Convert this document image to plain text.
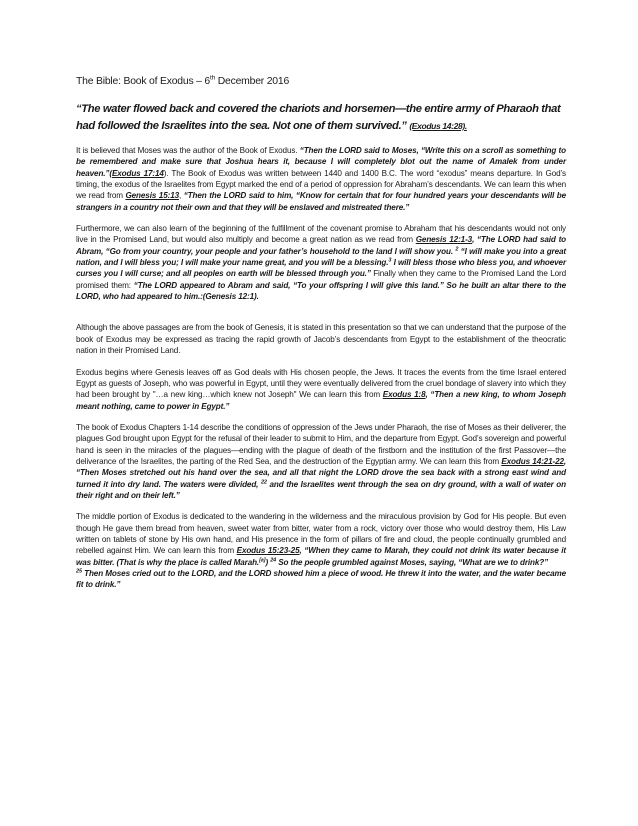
The Bible: Book of Exodus – 6th December 2016
“The water flowed back and covered the chariots and horsemen—the entire army of Pharaoh that had followed the Israelites into the sea. Not one of them survived.” (Exodus 14:28).

It is believed that Moses was the author of the Book of Exodus. “Then the LORD said to Moses, “Write this on a scroll as something to be remembered and make sure that Joshua hears it, because I will completely blot out the name of Amalek from under heaven.”(Exodus 17:14). The Book of Exodus was written between 1440 and 1400 B.C. The word “exodus” means departure. In God’s timing, the exodus of the Israelites from Egypt marked the end of a period of oppression for Abraham’s descendants. We can learn this when we read from Genesis 15:13, “Then the LORD said to him, “Know for certain that for four hundred years your descendants will be strangers in a country not their own and that they will be enslaved and mistreated there.”

Furthermore, we can also learn of the beginning of the fulfillment of the covenant promise to Abraham that his descendants would not only live in the Promised Land, but would also multiply and become a great nation as we read from Genesis 12:1-3, “The LORD had said to Abram, “Go from your country, your people and your father’s household to the land I will show you. $^2$ “I will make you into a great nation, and I will bless you; I will make your name great, and you will be a blessing.$^3$ I will bless those who bless you, and whoever curses you I will curse; and all peoples on earth will be blessed through you.” Finally when they came to the Promised Land the Lord promised them: “The LORD appeared to Abram and said, “To your offspring I will give this land.” So he built an altar there to the LORD, who had appeared to him.:(Genesis 12:1).

Although the above passages are from the book of Genesis, it is stated in this presentation so that we can understand that the purpose of the book of Exodus may be expressed as tracing the rapid growth of Jacob’s descendants from Egypt to the establishment of the theocratic nation in their Promised Land.

Exodus begins where Genesis leaves off as God deals with His chosen people, the Jews. It traces the events from the time Israel entered Egypt as guests of Joseph, who was powerful in Egypt, until they were eventually delivered from the cruel bondage of slavery into which they had been brought by "…a new king…which knew not Joseph" We can learn this from Exodus 1:8, “Then a new king, to whom Joseph meant nothing, came to power in Egypt.”

The book of Exodus Chapters 1-14 describe the conditions of oppression of the Jews under Pharaoh, the rise of Moses as their deliverer, the plagues God brought upon Egypt for the refusal of their leader to submit to Him, and the departure from Egypt. God’s sovereign and powerful hand is seen in the miracles of the plagues—ending with the plague of death of the firstborn and the institution of the first Passover—the deliverance of the Israelites, the parting of the Red Sea, and the destruction of the Egyptian army. We can learn this from Exodus 14:21-22, “Then Moses stretched out his hand over the sea, and all that night the LORD drove the sea back with a strong east wind and turned it into dry land. The waters were divided, $^{22}$ and the Israelites went through the sea on dry ground, with a wall of water on their right and on their left.”

The middle portion of Exodus is dedicated to the wandering in the wilderness and the miraculous provision by God for His people. But even though He gave them bread from heaven, sweet water from bitter, water from a rock, victory over those who would destroy them, His Law written on tablets of stone by His own hand, and His presence in the form of pillars of fire and cloud, the people continually grumbled and rebelled against Him. We can learn this from Exodus 15:23-25, “When they came to Marah, they could not drink its water because it was bitter. (That is why the place is called Marah.[a]) $^{24}$ So the people grumbled against Moses, saying, “What are we to drink?”
$^{25}$ Then Moses cried out to the LORD, and the LORD showed him a piece of wood. He threw it into the water, and the water became fit to drink.”
